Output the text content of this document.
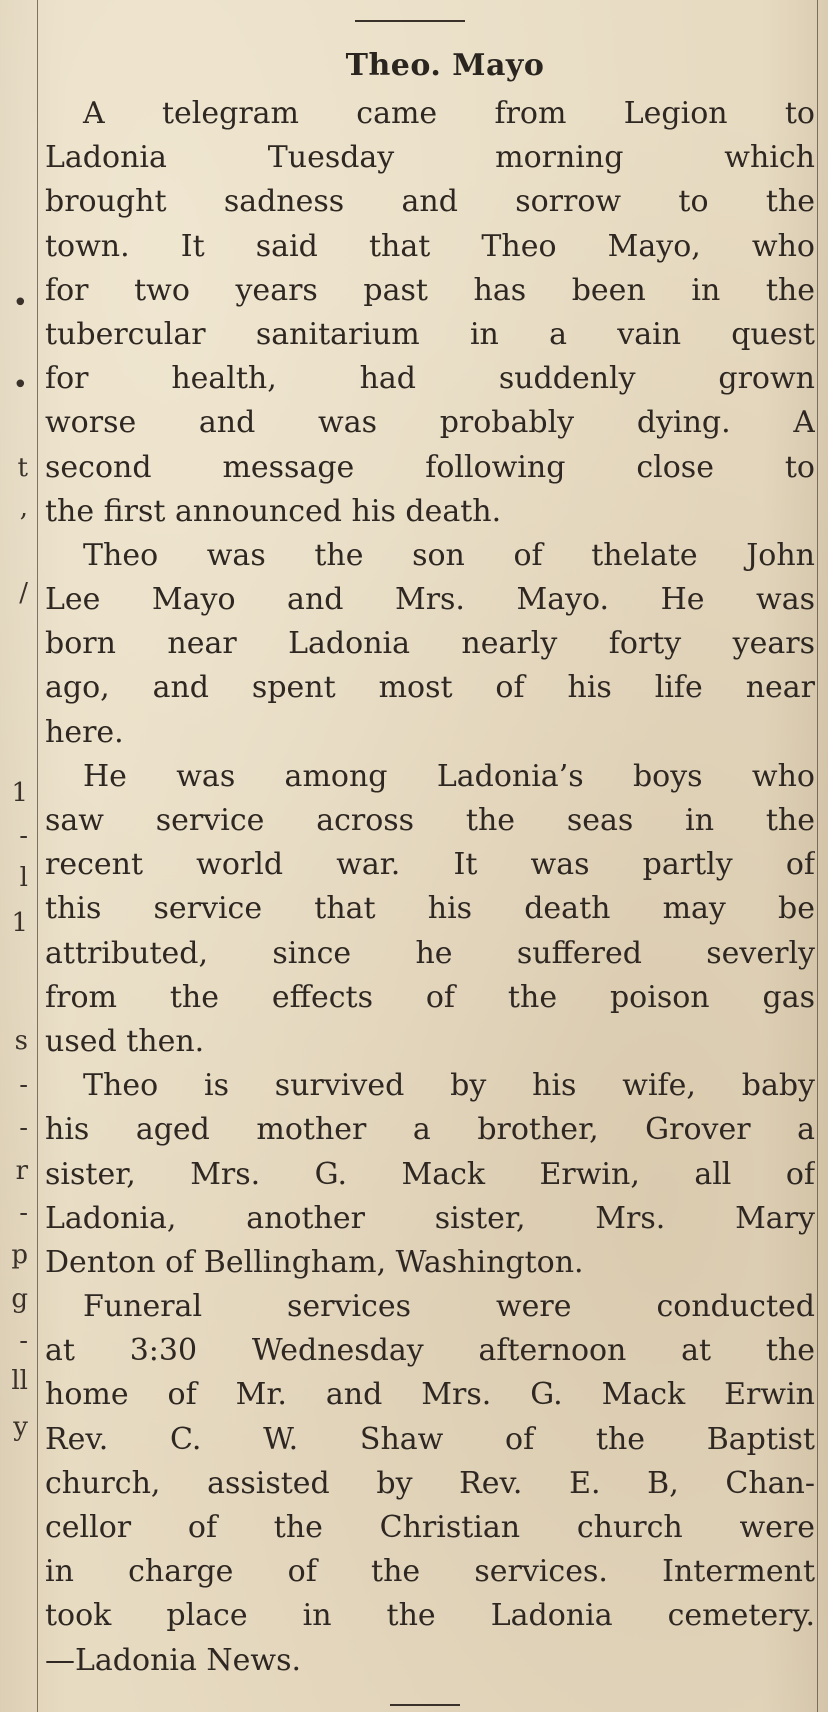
•
•
t
,
/
1
-
l
1
s
-
-
r
-
p
g
-
ll
y
Theo. Mayo
A telegram came from Legion to
Ladonia Tuesday morning which
brought sadness and sorrow to the
town. It said that Theo Mayo, who
for two years past has been in the
tubercular sanitarium in a vain quest
for health, had suddenly grown
worse and was probably dying. A
second message following close to
the first announced his death.
Theo was the son of thelate John
Lee Mayo and Mrs. Mayo. He was
born near Ladonia nearly forty years
ago, and spent most of his life near
here.
He was among Ladonia’s boys who
saw service across the seas in the
recent world war. It was partly of
this service that his death may be
attributed, since he suffered severly
from the effects of the poison gas
used then.
Theo is survived by his wife, baby
his aged mother a brother, Grover a
sister, Mrs. G. Mack Erwin, all of
Ladonia, another sister, Mrs. Mary
Denton of Bellingham, Washington.
Funeral services were conducted
at 3:30 Wednesday afternoon at the
home of Mr. and Mrs. G. Mack Erwin
Rev. C. W. Shaw of the Baptist
church, assisted by Rev. E. B, Chan-
cellor of the Christian church were
in charge of the services. Interment
took place in the Ladonia cemetery.
—Ladonia News.
